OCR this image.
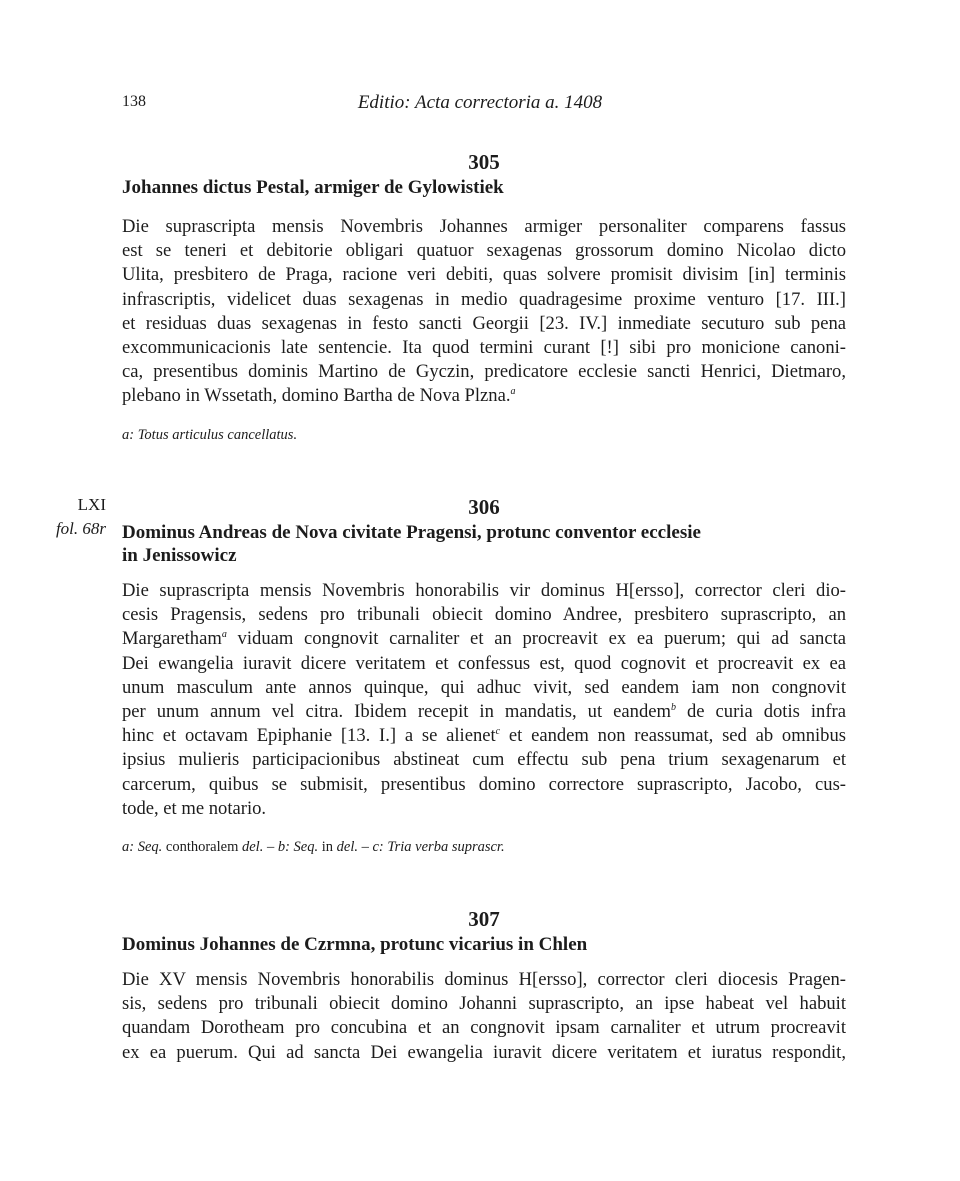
138	Editio: Acta correctoria a. 1408
305
Johannes dictus Pestal, armiger de Gylowistiek
Die suprascripta mensis Novembris Johannes armiger personaliter comparens fassus
est se teneri et debitorie obligari quatuor sexagenas grossorum domino Nicolao dicto
Ulita, presbitero de Praga, racione veri debiti, quas solvere promisit divisim [in] terminis
infrascriptis, videlicet duas sexagenas in medio quadragesime proxime venturo [17. III.]
et residuas duas sexagenas in festo sancti Georgii [23. IV.] inmediate secuturo sub pena
excommunicacionis late sentencie. Ita quod termini curant [!] sibi pro monicione canoni-
ca, presentibus dominis Martino de Gyczin, predicatore ecclesie sancti Henrici, Dietmaro,
plebano in Wssetath, domino Bartha de Nova Plzna.$^a$
a: Totus articulus cancellatus.
LXI
fol. 68r
306
Dominus Andreas de Nova civitate Pragensi, protunc conventor ecclesie
in Jenissowicz
Die suprascripta mensis Novembris honorabilis vir dominus H[ersso], corrector cleri dio-
cesis Pragensis, sedens pro tribunali obiecit domino Andree, presbitero suprascripto, an
Margaretham$^a$ viduam congnovit carnaliter et an procreavit ex ea puerum; qui ad sancta
Dei ewangelia iuravit dicere veritatem et confessus est, quod cognovit et procreavit ex ea
unum masculum ante annos quinque, qui adhuc vivit, sed eandem iam non congnovit
per unum annum vel citra. Ibidem recepit in mandatis, ut eandem$^b$ de curia dotis infra
hinc et octavam Epiphanie [13. I.] a se alienet$^c$ et eandem non reassumat, sed ab omnibus
ipsius mulieris participacionibus abstineat cum effectu sub pena trium sexagenarum et
carcerum, quibus se submisit, presentibus domino correctore suprascripto, Jacobo, cus-
tode, et me notario.
a: Seq. conthoralem del. – b: Seq. in del. – c: Tria verba suprascr.
307
Dominus Johannes de Czrmna, protunc vicarius in Chlen
Die XV mensis Novembris honorabilis dominus H[ersso], corrector cleri diocesis Pragen-
sis, sedens pro tribunali obiecit domino Johanni suprascripto, an ipse habeat vel habuit
quandam Dorotheam pro concubina et an congnovit ipsam carnaliter et utrum procreavit
ex ea puerum. Qui ad sancta Dei ewangelia iuravit dicere veritatem et iuratus respondit,
